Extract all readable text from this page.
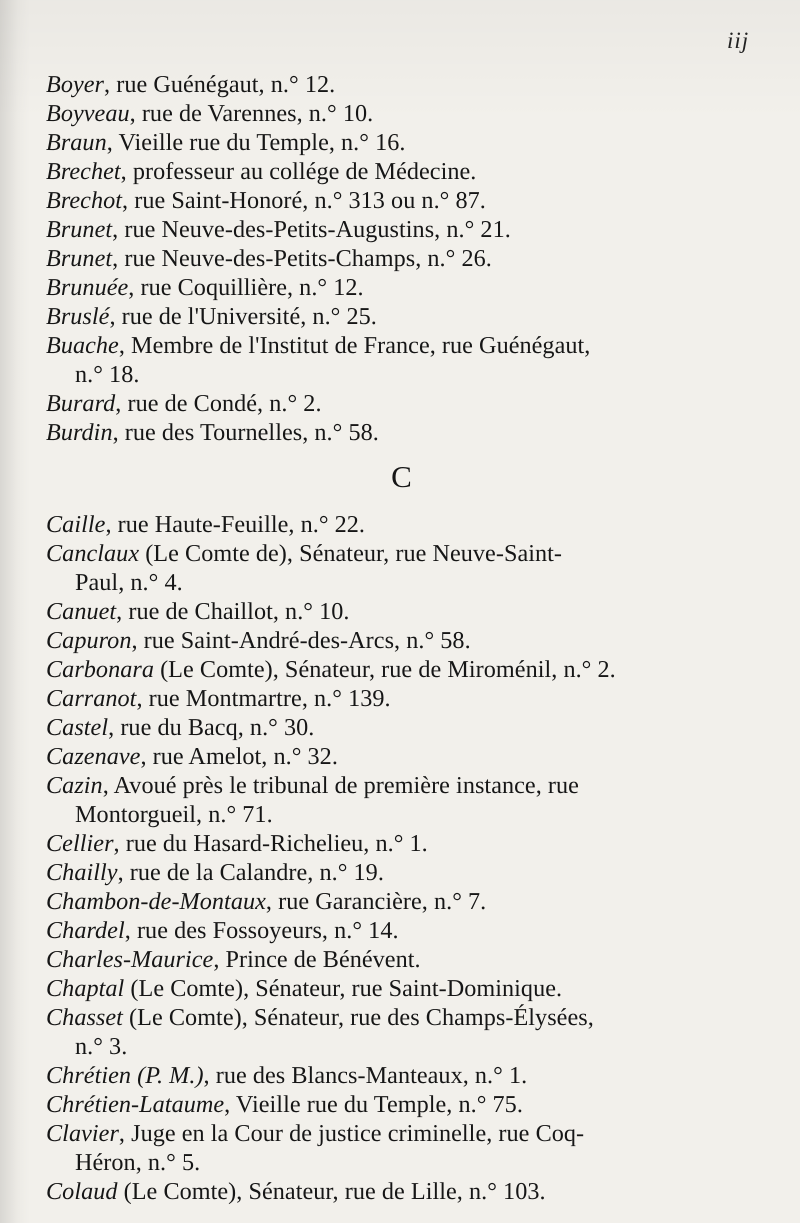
iij
Boyer, rue Guénégaut, n.° 12.
Boyveau, rue de Varennes, n.° 10.
Braun, Vieille rue du Temple, n.° 16.
Brechet, professeur au collége de Médecine.
Brechot, rue Saint-Honoré, n.° 313 ou n.° 87.
Brunet, rue Neuve-des-Petits-Augustins, n.° 21.
Brunet, rue Neuve-des-Petits-Champs, n.° 26.
Brunuée, rue Coquillière, n.° 12.
Bruslé, rue de l'Université, n.° 25.
Buache, Membre de l'Institut de France, rue Guénégaut,
n.° 18.
Burard, rue de Condé, n.° 2.
Burdin, rue des Tournelles, n.° 58.
C
Caille, rue Haute-Feuille, n.° 22.
Canclaux (Le Comte de), Sénateur, rue Neuve-Saint-
Paul, n.° 4.
Canuet, rue de Chaillot, n.° 10.
Capuron, rue Saint-André-des-Arcs, n.° 58.
Carbonara (Le Comte), Sénateur, rue de Miroménil, n.° 2.
Carranot, rue Montmartre, n.° 139.
Castel, rue du Bacq, n.° 30.
Cazenave, rue Amelot, n.° 32.
Cazin, Avoué près le tribunal de première instance, rue
Montorgueil, n.° 71.
Cellier, rue du Hasard-Richelieu, n.° 1.
Chailly, rue de la Calandre, n.° 19.
Chambon-de-Montaux, rue Garancière, n.° 7.
Chardel, rue des Fossoyeurs, n.° 14.
Charles-Maurice, Prince de Bénévent.
Chaptal (Le Comte), Sénateur, rue Saint-Dominique.
Chasset (Le Comte), Sénateur, rue des Champs-Élysées,
n.° 3.
Chrétien (P. M.), rue des Blancs-Manteaux, n.° 1.
Chrétien-Lataume, Vieille rue du Temple, n.° 75.
Clavier, Juge en la Cour de justice criminelle, rue Coq-
Héron, n.° 5.
Colaud (Le Comte), Sénateur, rue de Lille, n.° 103.
